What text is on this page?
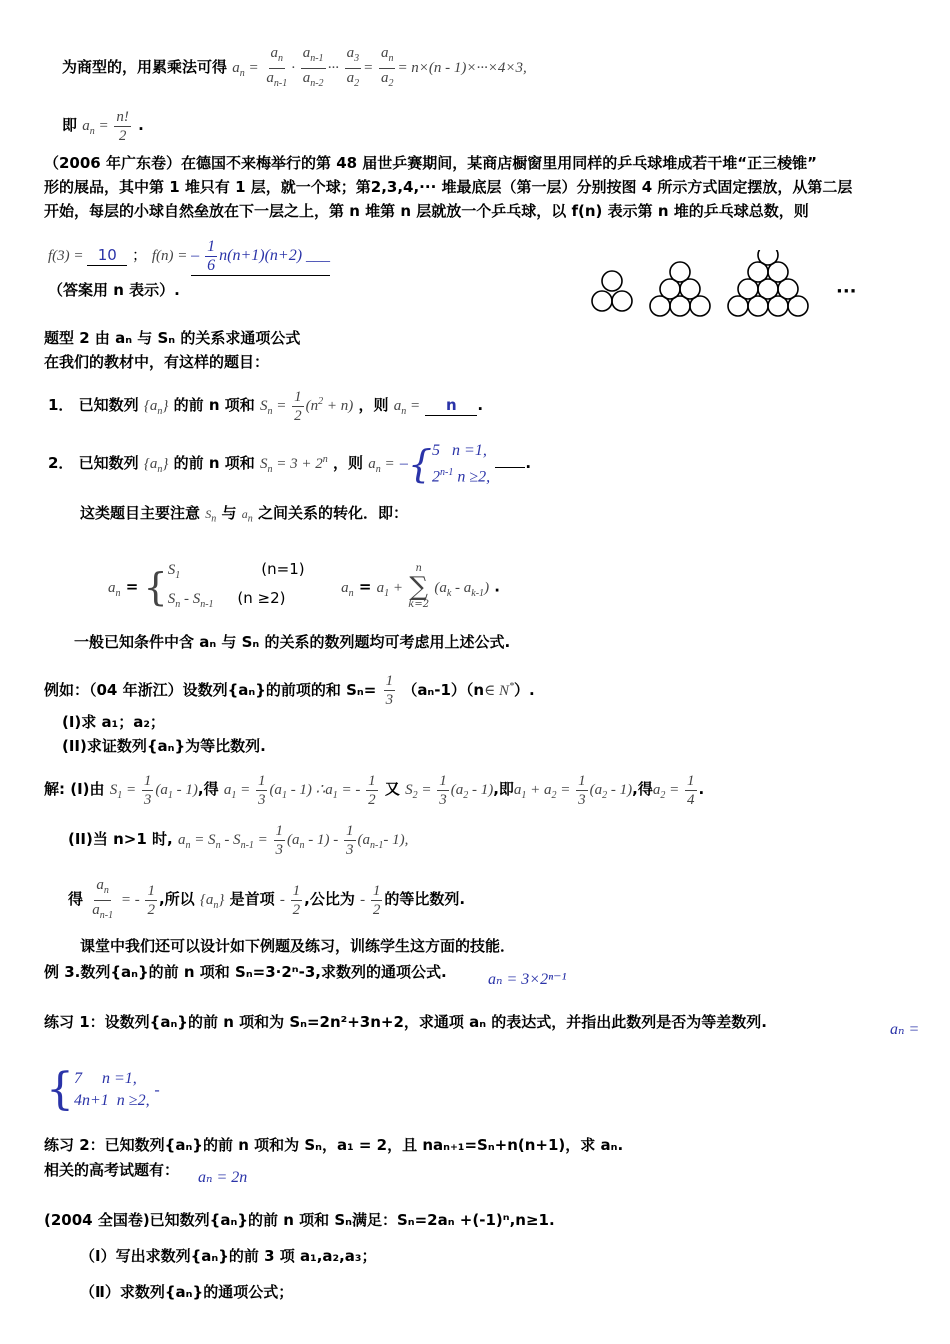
为商型的，用累乘法可得 $a_n = \frac{a_n}{a_{n-1}} \cdot \frac{a_{n-1}}{a_{n-2}}$ ··· $\frac{a_3}{a_2} = \frac{a_n}{a_2} = n\times(n - 1)\times\cdot\cdot\cdot\times 4\times 3$,
即 $a_n = \frac{n!}{2}$ .
（2006 年广东卷）在德国不来梅举行的第 48 届世乒赛期间，某商店橱窗里用同样的乒乓球堆成若干堆“正三棱锥”
形的展品，其中第 1 堆只有 1 层，就一个球；第2,3,4,··· 堆最底层（第一层）分别按图 4 所示方式固定摆放，从第二层
开始，每层的小球自然垒放在下一层之上，第 n 堆第 n 层就放一个乒乓球，以 f(n) 表示第 n 堆的乒乓球总数，则
f(3) = 10 ； f(n) = – $\frac{1}{6} n(n+1)(n+2)$ ___
（答案用 n 表示）.	···
题型 2 由 aₙ 与 Sₙ 的关系求通项公式
在我们的教材中，有这样的题目：
1． 已知数列 $\{a_n\}$ 的前 n 项和 $S_n = \frac{1}{2} (n^2 + n)$ ，则 $a_n = n$ .
2． 已知数列 $\{a_n\}$ 的前 n 项和 $S_n = 3 + 2^n$ ，则 $a_n$ = –{ 5   n =1,
2$^{n-1}$ n ≥2,
.
这类题目主要注意 $S_n$ 与 $a_n$ 之间关系的转化．即：
$a_n$ = { $S_1$	(n=1)
$S_n - S_{n-1}$ (n ≥2)
$a_n = a_1$ +
n
∑
k=2
$(a_k - a_{k-1})$ .
一般已知条件中含 aₙ 与 Sₙ 的关系的数列题均可考虑用上述公式.
例如：（04 年浙江）设数列{aₙ}的前项的和 $S_n= \frac{1}{3}$ （aₙ-1）（n∈ N*）.
(I)求 a₁；a₂；
(II)求证数列{aₙ}为等比数列.
解: (I)由 $S_1 = \frac{1}{3} (a_1 - 1)$,得 $a_1 = \frac{1}{3} (a_1 - 1)$ $\therefore a_1$ = - $\frac{1}{2}$ 又 $S_2 = \frac{1}{3} (a_2 - 1)$,即$a_1 + a_2 = \frac{1}{3} (a_2 - 1)$,得$a_2 = \frac{1}{4}$ .
(II)当 n>1 时, $a_n = S_n - S_{n-1} = \frac{1}{3} (a_n - 1) - \frac{1}{3} (a_{n-1}-$ 1),
得 $\frac{a_n}{a_{n-1}}$ = - $\frac{1}{2}$ ,所以 $\{a_n\}$ 是首项 - $\frac{1}{2}$ ,公比为 - $\frac{1}{2}$ 的等比数列.
课堂中我们还可以设计如下例题及练习，训练学生这方面的技能．
例 3.数列{aₙ}的前 n 项和 Sₙ=3·2ⁿ-3,求数列的通项公式.	aₙ = 3×2ⁿ⁻¹
练习 1：设数列{aₙ}的前 n 项和为 Sₙ=2n²+3n+2，求通项 aₙ 的表达式，并指出此数列是否为等差数列.	aₙ =
{ 7     n =1,
4n+1  n ≥2,
-
练习 2：已知数列{aₙ}的前 n 项和为 Sₙ，a₁ = 2，且 naₙ₊₁=Sₙ+n(n+1)，求 aₙ.
相关的高考试题有： aₙ = 2n
(2004 全国卷)已知数列{aₙ}的前 n 项和 Sₙ满足：Sₙ=2aₙ +(-1)ⁿ,n≥1.
（Ⅰ）写出求数列{aₙ}的前 3 项 a₁,a₂,a₃；
（Ⅱ）求数列{aₙ}的通项公式；
